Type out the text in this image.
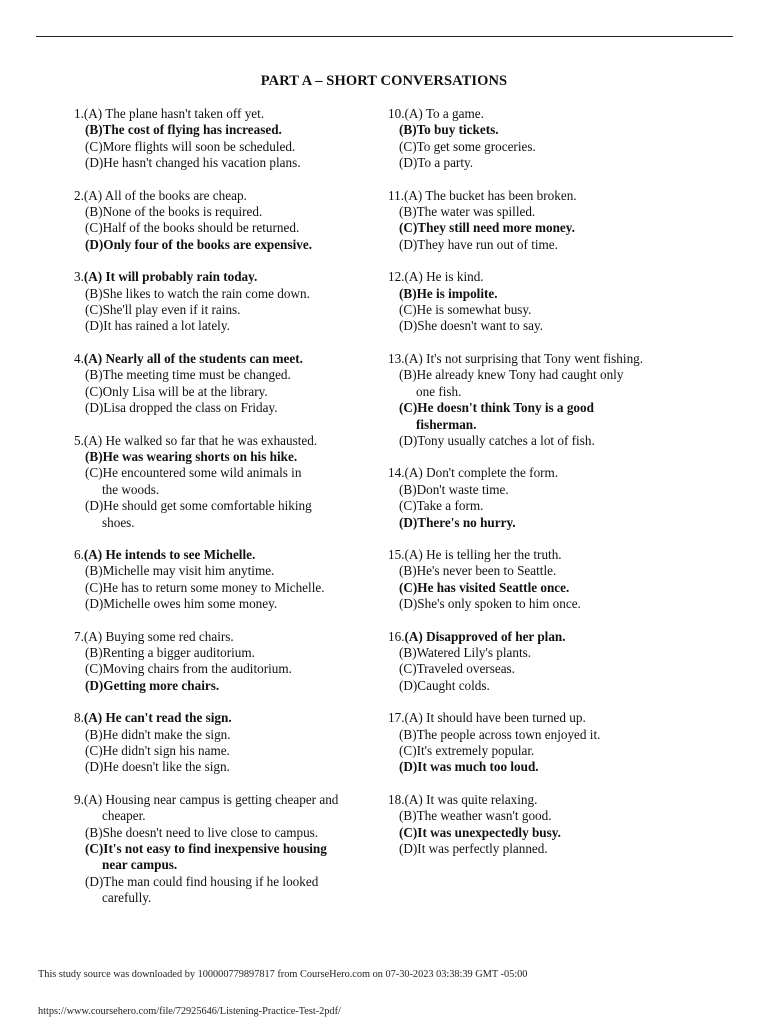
PART A – SHORT CONVERSATIONS
1.(A) The plane hasn't taken off yet.
(B)The cost of flying has increased.
(C)More flights will soon be scheduled.
(D)He hasn't changed his vacation plans.
2.(A) All of the books are cheap.
(B)None of the books is required.
(C)Half of the books should be returned.
(D)Only four of the books are expensive.
3.(A) It will probably rain today.
(B)She likes to watch the rain come down.
(C)She'll play even if it rains.
(D)It has rained a lot lately.
4.(A) Nearly all of the students can meet.
(B)The meeting time must be changed.
(C)Only Lisa will be at the library.
(D)Lisa dropped the class on Friday.
5.(A) He walked so far that he was exhausted.
(B)He was wearing shorts on his hike.
(C)He encountered some wild animals in
the woods.
(D)He should get some comfortable hiking
shoes.
6.(A) He intends to see Michelle.
(B)Michelle may visit him anytime.
(C)He has to return some money to Michelle.
(D)Michelle owes him some money.
7.(A) Buying some red chairs.
(B)Renting a bigger auditorium.
(C)Moving chairs from the auditorium.
(D)Getting more chairs.
8.(A) He can't read the sign.
(B)He didn't make the sign.
(C)He didn't sign his name.
(D)He doesn't like the sign.
9.(A) Housing near campus is getting cheaper and
cheaper.
(B)She doesn't need to live close to campus.
(C)It's not easy to find inexpensive housing
near campus.
(D)The man could find housing if he looked
carefully.
10.(A) To a game.
(B)To buy tickets.
(C)To get some groceries.
(D)To a party.
11.(A) The bucket has been broken.
(B)The water was spilled.
(C)They still need more money.
(D)They have run out of time.
12.(A) He is kind.
(B)He is impolite.
(C)He is somewhat busy.
(D)She doesn't want to say.
13.(A) It's not surprising that Tony went fishing.
(B)He already knew Tony had caught only
one fish.
(C)He doesn't think Tony is a good
fisherman.
(D)Tony usually catches a lot of fish.
14.(A) Don't complete the form.
(B)Don't waste time.
(C)Take a form.
(D)There's no hurry.
15.(A) He is telling her the truth.
(B)He's never been to Seattle.
(C)He has visited Seattle once.
(D)She's only spoken to him once.
16.(A) Disapproved of her plan.
(B)Watered Lily's plants.
(C)Traveled overseas.
(D)Caught colds.
17.(A) It should have been turned up.
(B)The people across town enjoyed it.
(C)It's extremely popular.
(D)It was much too loud.
18.(A) It was quite relaxing.
(B)The weather wasn't good.
(C)It was unexpectedly busy.
(D)It was perfectly planned.
This study source was downloaded by 100000779897817 from CourseHero.com on 07-30-2023 03:38:39 GMT -05:00
https://www.coursehero.com/file/72925646/Listening-Practice-Test-2pdf/
